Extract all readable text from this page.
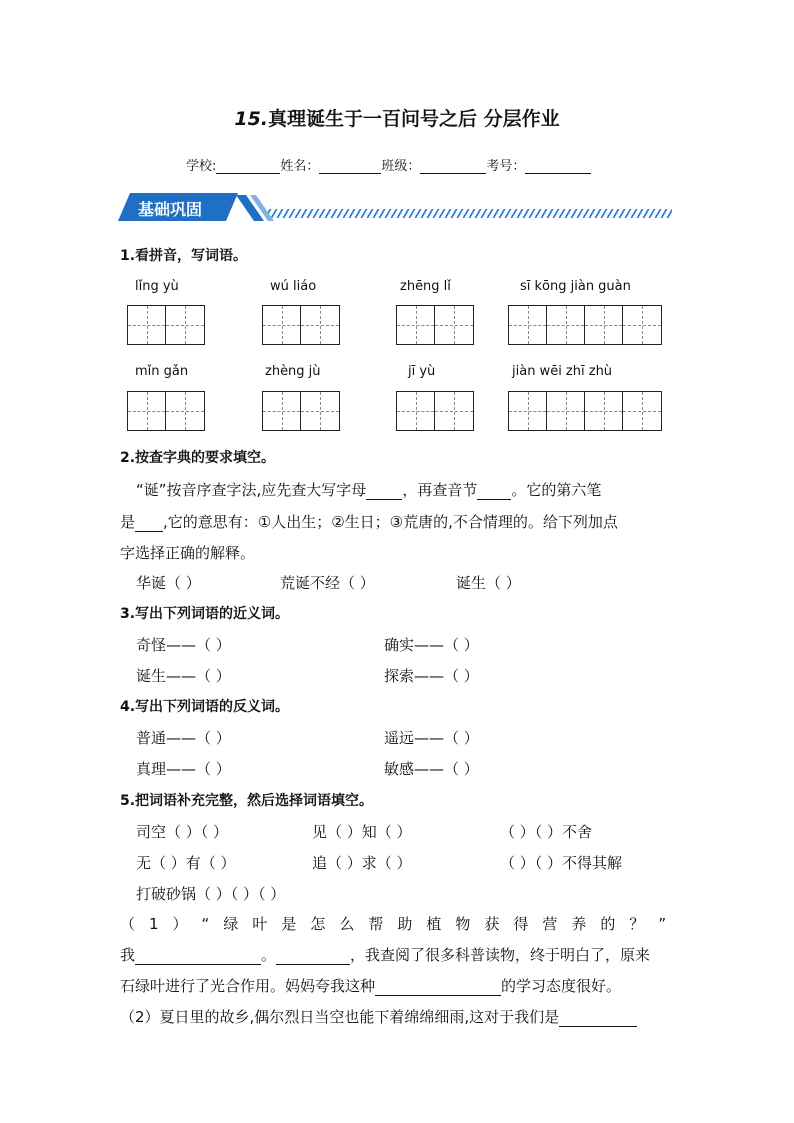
15.真理诞生于一百问号之后 分层作业
学校:	姓名：	班级：	考号：
基础巩固
1.看拼音，写词语。
lǐng yù	wú liáo	zhēng lǐ	sī kōng jiàn guàn
mǐn gǎn	zhèng jù	jī yù	jiàn wēi zhī zhù
2.按查字典的要求填空。
“诞”按音序查字法,应先查大写字母 ，再查音节 。它的第六笔
是 ,它的意思有：①人出生；②生日；③荒唐的,不合情理的。给下列加点
字选择正确的解释。
华诞（ ）	荒诞不经（ ）	诞生（ ）
3.写出下列词语的近义词。
奇怪——（ ）	确实——（ ）
诞生——（ ）	探索——（ ）
4.写出下列词语的反义词。
普通——（ ）	遥远——（ ）
真理——（ ）	敏感——（ ）
5.把词语补充完整，然后选择词语填空。
司空（ ）（ ）	见（ ）知（ ）	（ ）（ ）不舍
无（ ）有（ ）	追（ ）求（ ）	（ ）（ ）不得其解
打破砂锅（ ）（ ）（ ）
（1）“绿叶是怎么帮助植物获得营养的？”
我	。	，我查阅了很多科普读物，终于明白了，原来
石绿叶进行了光合作用。妈妈夸我这种	的学习态度很好。
（2）夏日里的故乡,偶尔烈日当空也能下着绵绵细雨,这对于我们是
